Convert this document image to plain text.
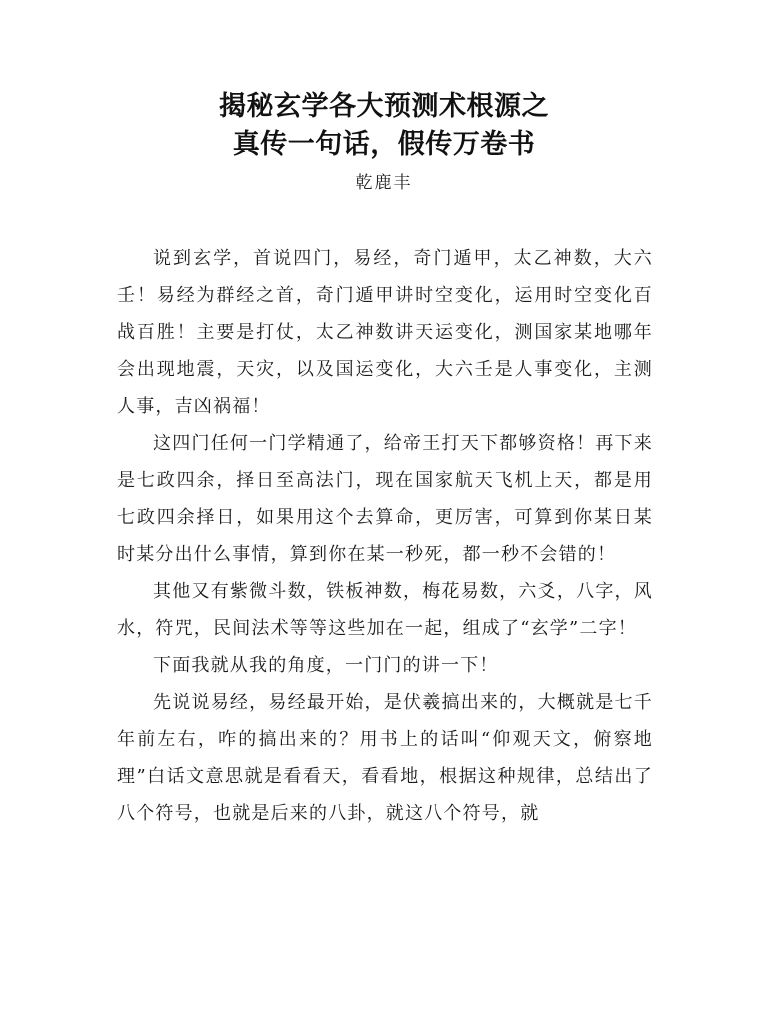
揭秘玄学各大预测术根源之
真传一句话，假传万卷书
乾鹿丰

说到玄学，首说四门，易经，奇门遁甲，太乙神数，大六壬！易经为群经之首，奇门遁甲讲时空变化，运用时空变化百战百胜！主要是打仗，太乙神数讲天运变化，测国家某地哪年会出现地震，天灾，以及国运变化，大六壬是人事变化，主测人事，吉凶祸福！

这四门任何一门学精通了，给帝王打天下都够资格！再下来是七政四余，择日至高法门，现在国家航天飞机上天，都是用七政四余择日，如果用这个去算命，更厉害，可算到你某日某时某分出什么事情，算到你在某一秒死，都一秒不会错的！

其他又有紫微斗数，铁板神数，梅花易数，六爻，八字，风水，符咒，民间法术等等这些加在一起，组成了“玄学”二字！

下面我就从我的角度，一门门的讲一下！

先说说易经，易经最开始，是伏羲搞出来的，大概就是七千年前左右，咋的搞出来的？用书上的话叫“仰观天文，俯察地理”白话文意思就是看看天，看看地，根据这种规律，总结出了八个符号，也就是后来的八卦，就这八个符号，就
